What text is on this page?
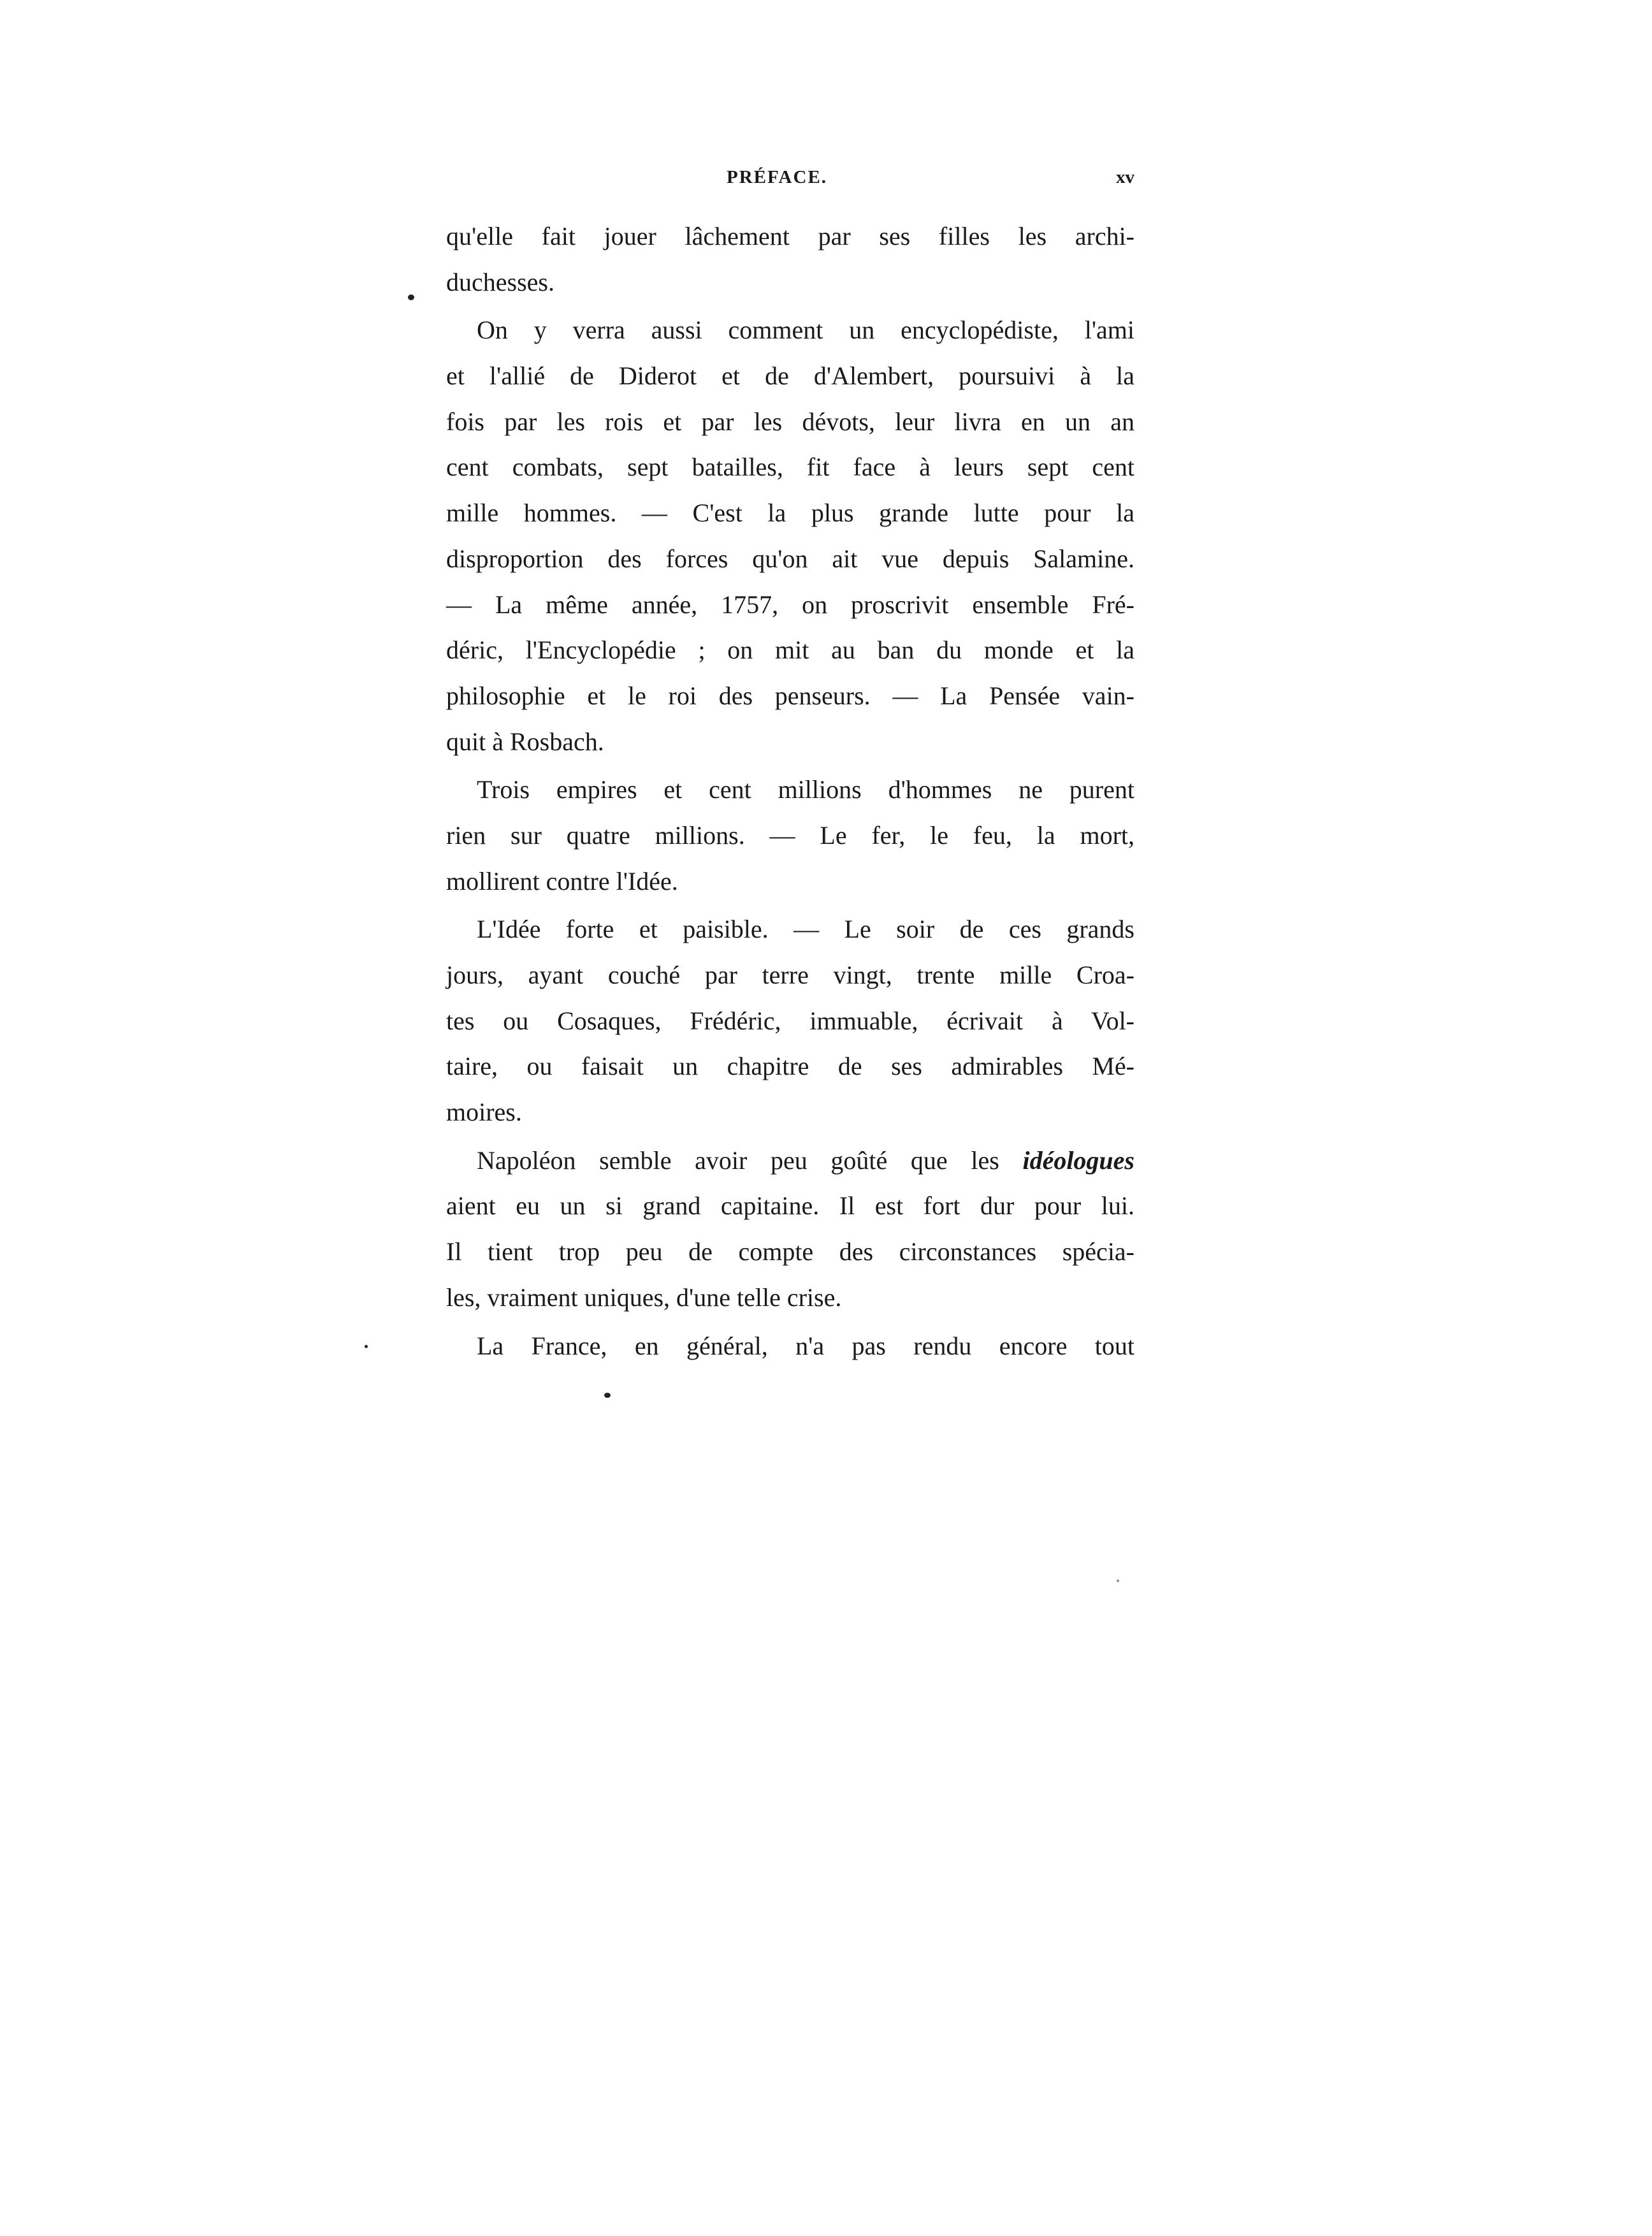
PRÉFACE.	xv
qu'elle fait jouer lâchement par ses filles les archi-
duchesses.
On y verra aussi comment un encyclopédiste, l'ami
et l'allié de Diderot et de d'Alembert, poursuivi à la
fois par les rois et par les dévots, leur livra en un an
cent combats, sept batailles, fit face à leurs sept cent
mille hommes. — C'est la plus grande lutte pour la
disproportion des forces qu'on ait vue depuis Salamine.
— La même année, 1757, on proscrivit ensemble Fré-
déric, l'Encyclopédie ; on mit au ban du monde et la
philosophie et le roi des penseurs. — La Pensée vain-
quit à Rosbach.
Trois empires et cent millions d'hommes ne purent
rien sur quatre millions. — Le fer, le feu, la mort,
mollirent contre l'Idée.
L'Idée forte et paisible. — Le soir de ces grands
jours, ayant couché par terre vingt, trente mille Croa-
tes ou Cosaques, Frédéric, immuable, écrivait à Vol-
taire, ou faisait un chapitre de ses admirables Mé-
moires.
Napoléon semble avoir peu goûté que les idéologues
aient eu un si grand capitaine. Il est fort dur pour lui.
Il tient trop peu de compte des circonstances spécia-
les, vraiment uniques, d'une telle crise.
La France, en général, n'a pas rendu encore tout
